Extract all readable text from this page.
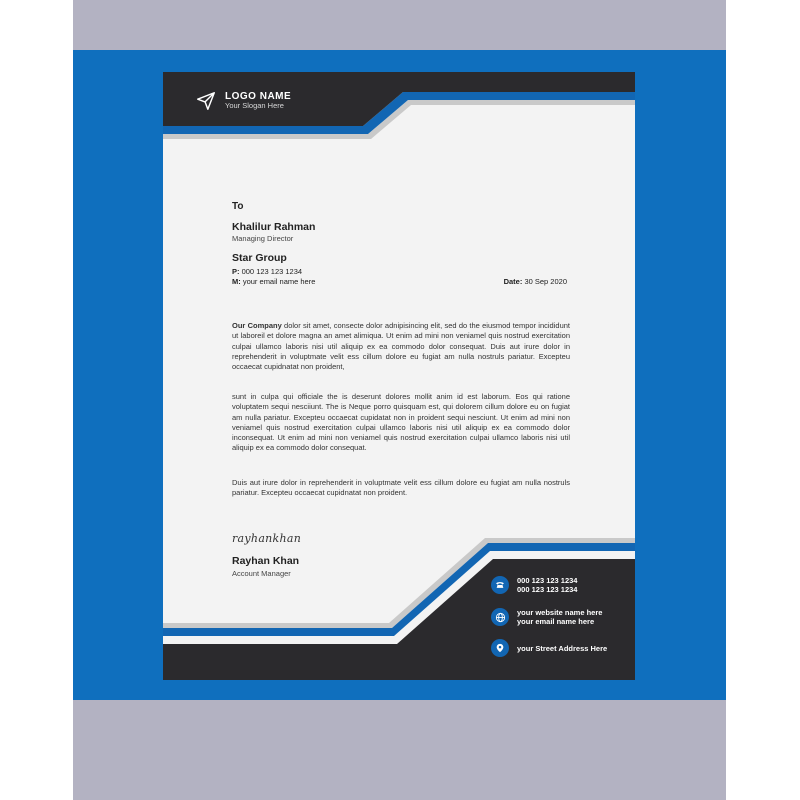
LOGO NAME
Your Slogan Here
To
Khalilur Rahman
Managing Director
Star Group
P: 000 123 123 1234
M: your email name here	Date: 30 Sep 2020

Our Company dolor sit amet, consecte dolor adnipisincing elit, sed do the eiusmod tempor incididunt ut laboreil et dolore magna an amet alimiqua. Ut enim ad mini non veniamel quis nostrud exercitation culpai ullamco laboris nisi util aliquip ex ea commodo dolor consequat. Duis aut irure dolor in reprehenderit in voluptmate velit ess cillum dolore eu fugiat am nulla nostruls pariatur. Excepteu occaecat cupidnatat non proident,

sunt in culpa qui officiale the is deserunt dolores mollit anim id est laborum. Eos qui ratione voluptatem sequi nesciiunt. The is Neque porro quisquam est, qui dolorem cillum dolore eu on fugiat am nulla pariatur. Excepteu occaecat cupidatat non in proident sequi nesciunt. Ut enim ad mini non veniamel quis nostrud exercitation culpai ullamco laboris nisi util aliquip ex ea commodo dolor inconsequat. Ut enim ad mini non veniamel quis nostrud exercitation culpai ullamco laboris nisi util aliquip ex ea commodo dolor consequat.

Duis aut irure dolor in reprehenderit in voluptmate velit ess cillum dolore eu fugiat am nulla nostruls pariatur. Excepteu occaecat cupidnatat non proident.

rayhankhan
Rayhan Khan
Account Manager
000 123 123 1234
000 123 123 1234
your website name here
your email name here
your Street Address Here
